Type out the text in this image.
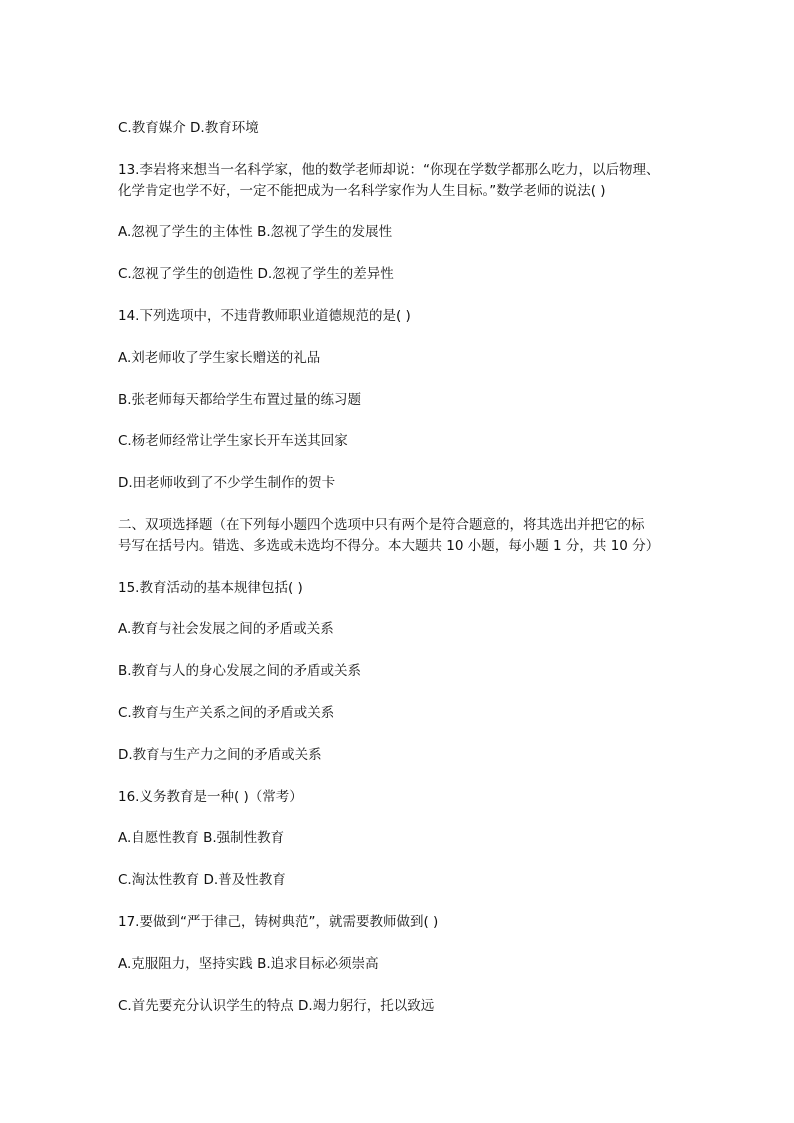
C.教育媒介 D.教育环境

13.李岩将来想当一名科学家，他的数学老师却说：“你现在学数学都那么吃力，以后物理、
化学肯定也学不好，一定不能把成为一名科学家作为人生目标。”数学老师的说法( )

A.忽视了学生的主体性 B.忽视了学生的发展性

C.忽视了学生的创造性 D.忽视了学生的差异性

14.下列选项中，不违背教师职业道德规范的是( )

A.刘老师收了学生家长赠送的礼品

B.张老师每天都给学生布置过量的练习题

C.杨老师经常让学生家长开车送其回家

D.田老师收到了不少学生制作的贺卡

二、双项选择题（在下列每小题四个选项中只有两个是符合题意的，将其选出并把它的标
号写在括号内。错选、多选或未选均不得分。本大题共 10 小题，每小题 1 分，共 10 分）

15.教育活动的基本规律包括( )

A.教育与社会发展之间的矛盾或关系

B.教育与人的身心发展之间的矛盾或关系

C.教育与生产关系之间的矛盾或关系

D.教育与生产力之间的矛盾或关系

16.义务教育是一种( )（常考）

A.自愿性教育 B.强制性教育

C.淘汰性教育 D.普及性教育

17.要做到“严于律己，铸树典范”，就需要教师做到( )

A.克服阻力，坚持实践 B.追求目标必须崇高

C.首先要充分认识学生的特点 D.竭力躬行，托以致远
